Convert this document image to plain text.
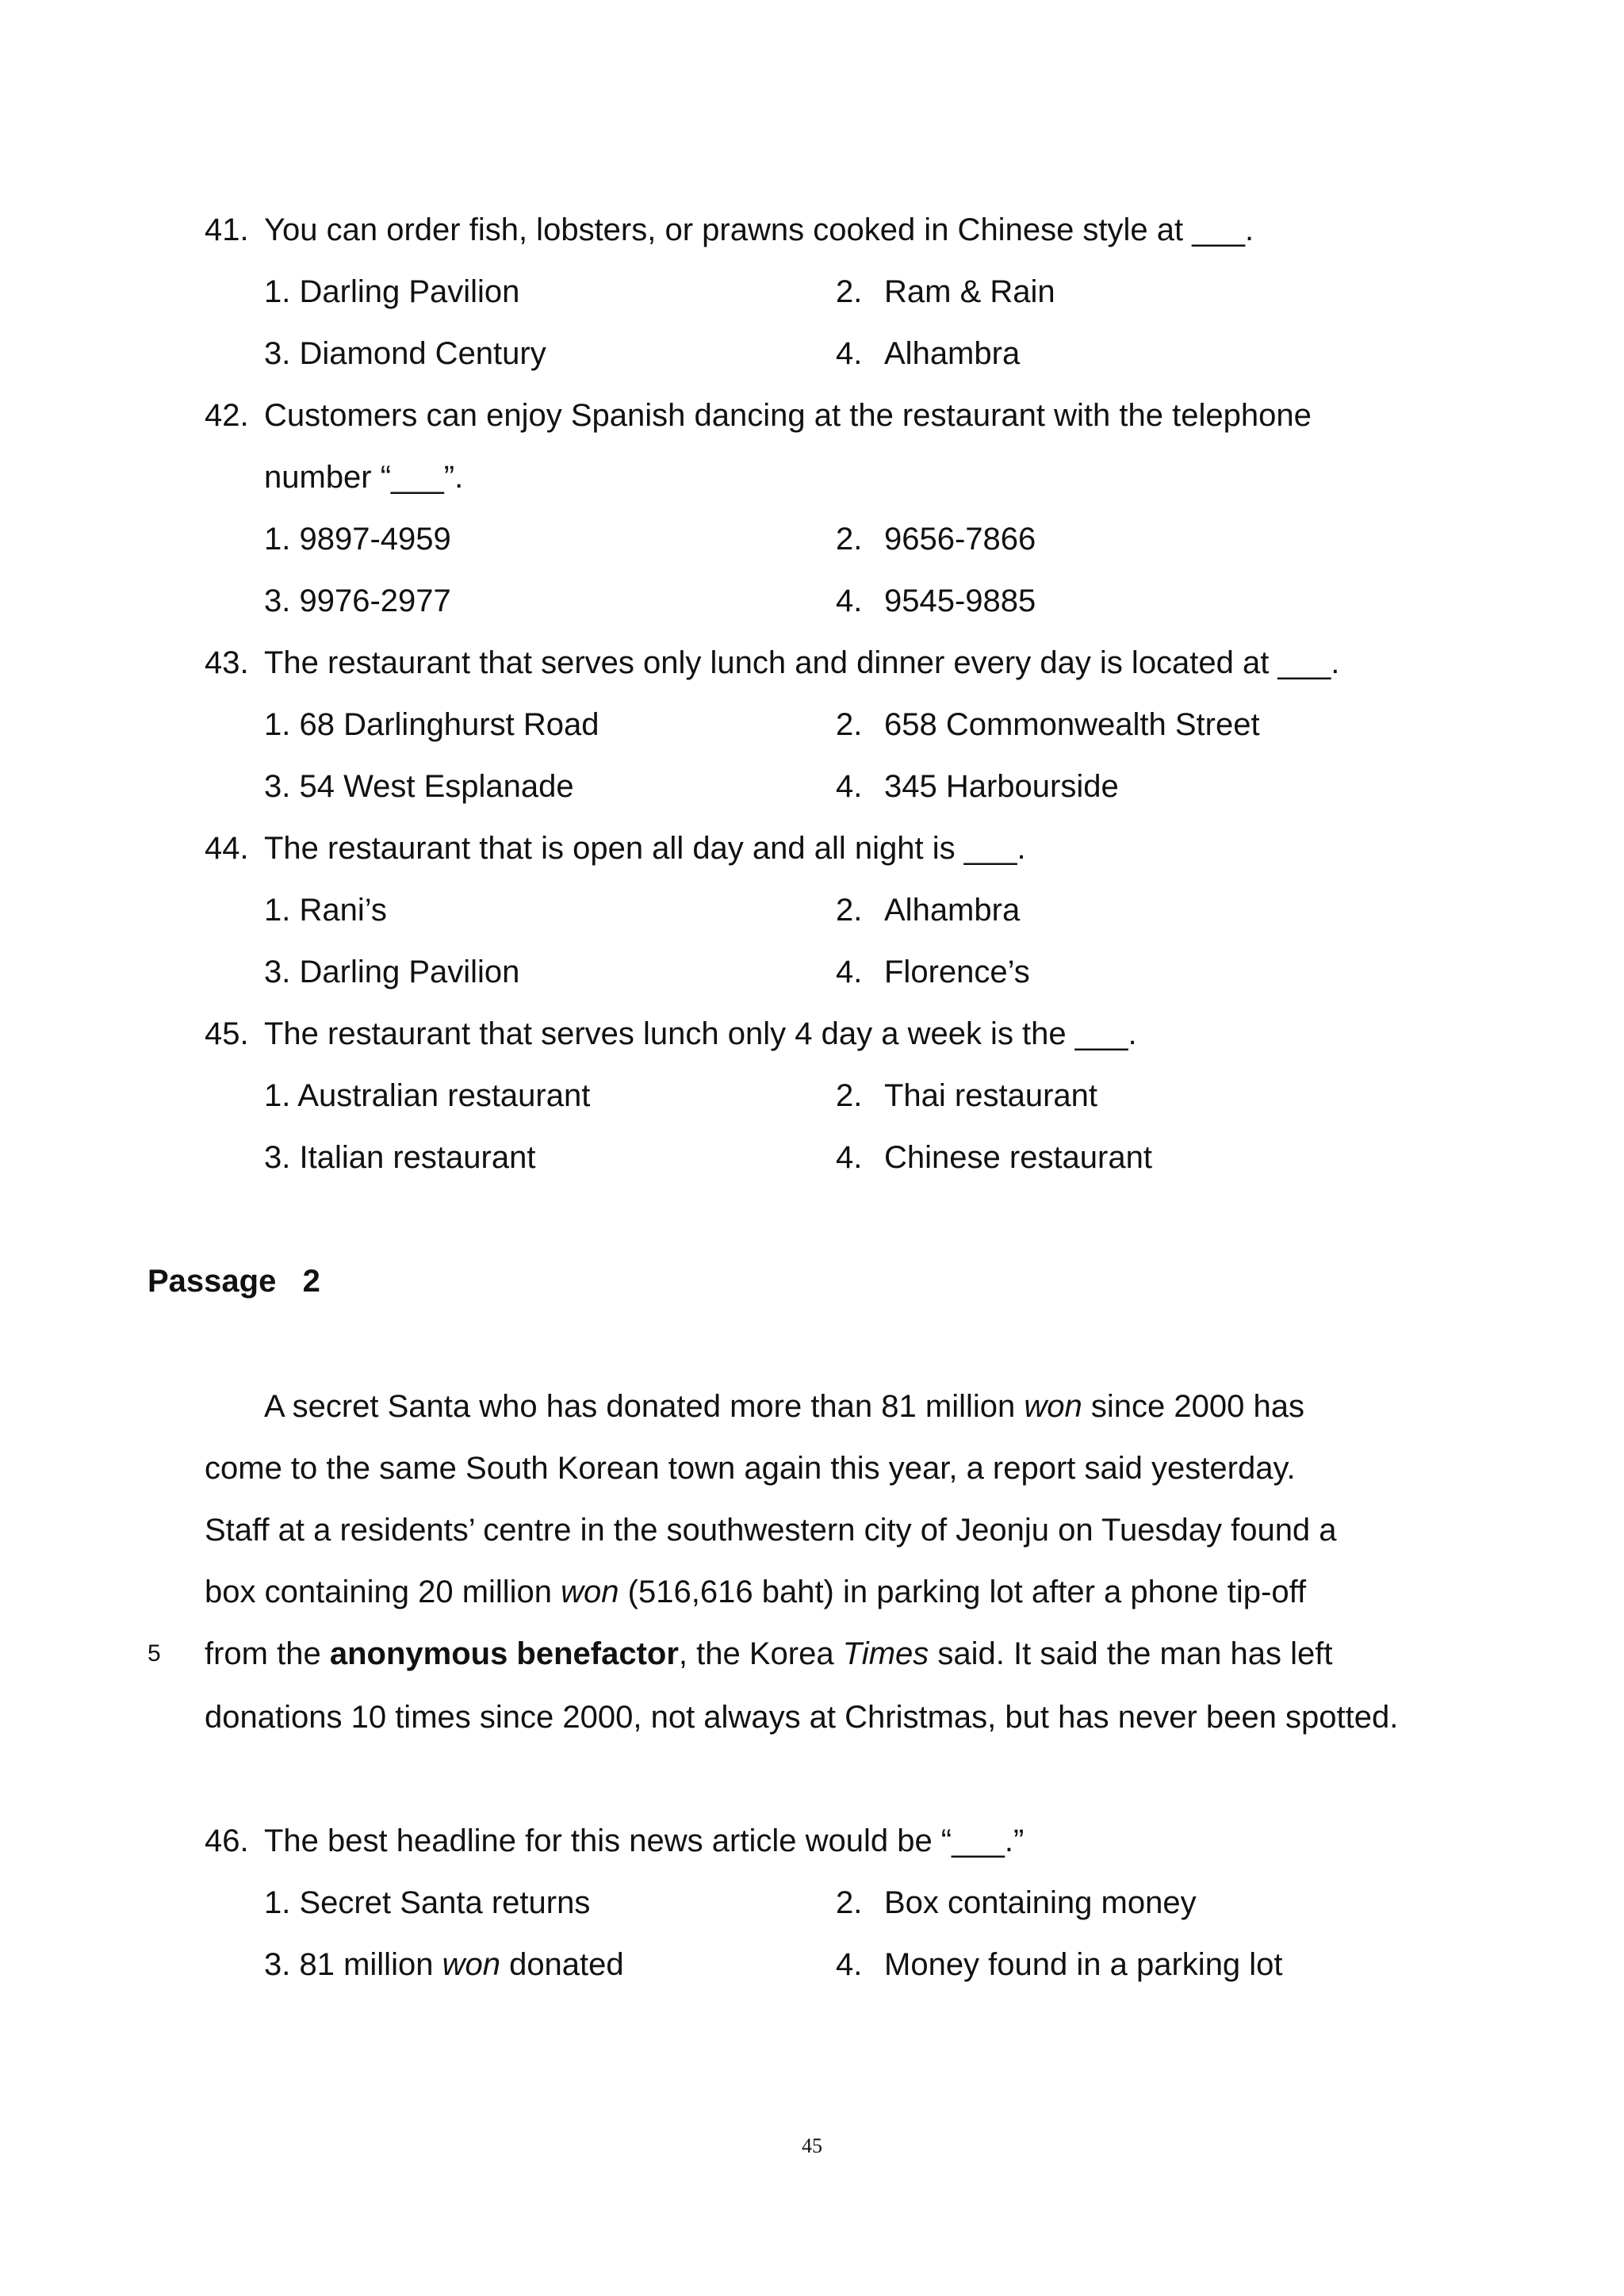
41. You can order fish, lobsters, or prawns cooked in Chinese style at ___.
1. Darling Pavilion	2. Ram & Rain
3. Diamond Century	4. Alhambra
42. Customers can enjoy Spanish dancing at the restaurant with the telephone
number “___”.
1. 9897-4959	2. 9656-7866
3. 9976-2977	4. 9545-9885
43. The restaurant that serves only lunch and dinner every day is located at ___.
1. 68 Darlinghurst Road	2. 658 Commonwealth Street
3. 54 West Esplanade	4. 345 Harbourside
44. The restaurant that is open all day and all night is ___.
1. Rani’s	2. Alhambra
3. Darling Pavilion	4. Florence’s
45. The restaurant that serves lunch only 4 day a week is the ___.
1. Australian restaurant	2. Thai restaurant
3. Italian restaurant	4. Chinese restaurant
Passage   2
A secret Santa who has donated more than 81 million won since 2000 has
come to the same South Korean town again this year, a report said yesterday.
Staff at a residents’ centre in the southwestern city of Jeonju on Tuesday found a
box containing 20 million won (516,616 baht) in parking lot after a phone tip-off
5 from the anonymous benefactor, the Korea Times said. It said the man has left
donations 10 times since 2000, not always at Christmas, but has never been spotted.
46. The best headline for this news article would be “___.”
1. Secret Santa returns	2. Box containing money
3. 81 million won donated	4. Money found in a parking lot
45
